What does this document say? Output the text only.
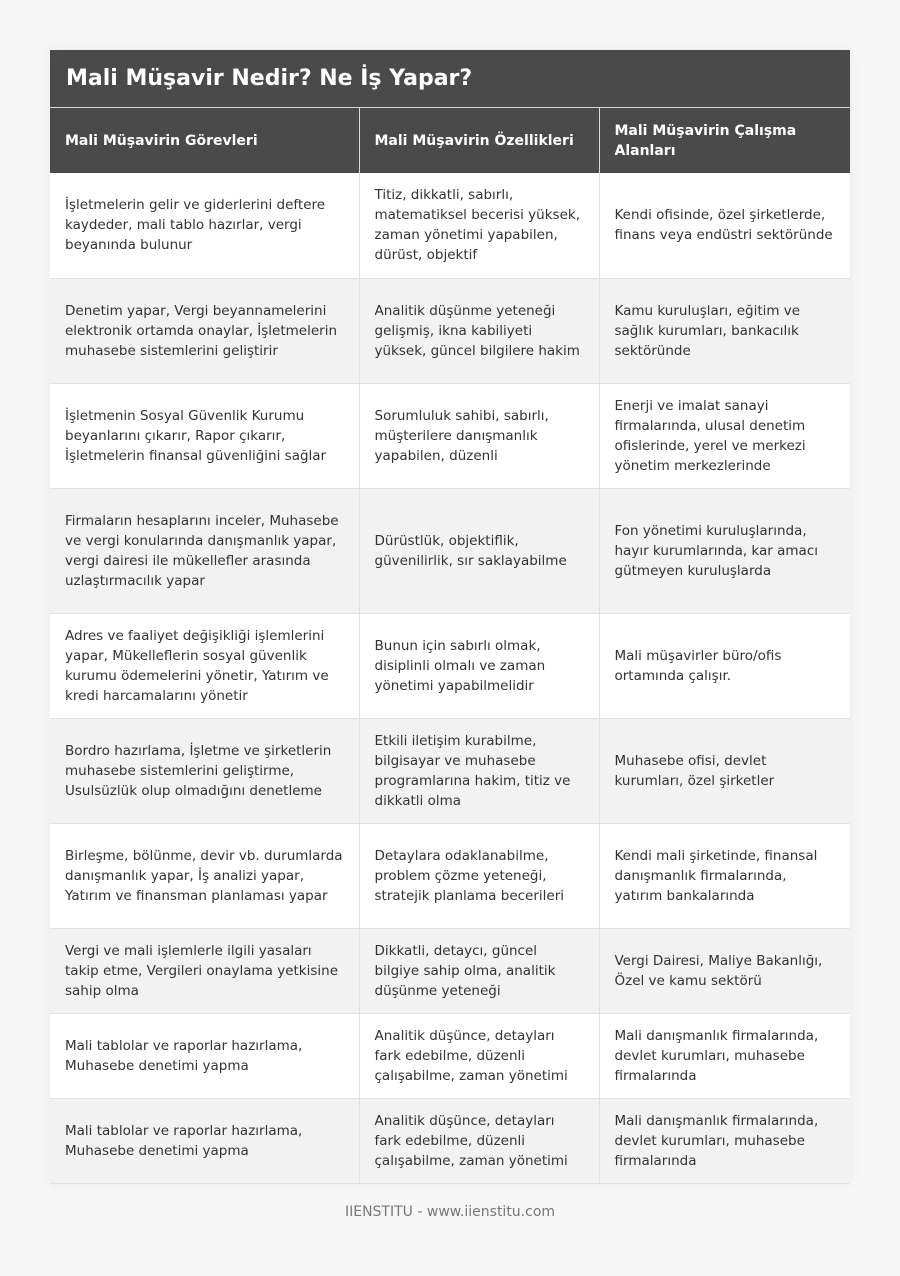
Mali Müşavir Nedir? Ne İş Yapar?
Mali Müşavirin Görevleri	Mali Müşavirin Özellikleri	Mali Müşavirin Çalışma Alanları
İşletmelerin gelir ve giderlerini deftere kaydeder, mali tablo hazırlar, vergi beyanında bulunur	Titiz, dikkatli, sabırlı, matematiksel becerisi yüksek, zaman yönetimi yapabilen, dürüst, objektif	Kendi ofisinde, özel şirketlerde, finans veya endüstri sektöründe
Denetim yapar, Vergi beyannamelerini elektronik ortamda onaylar, İşletmelerin muhasebe sistemlerini geliştirir	Analitik düşünme yeteneği gelişmiş, ikna kabiliyeti yüksek, güncel bilgilere hakim	Kamu kuruluşları, eğitim ve sağlık kurumları, bankacılık sektöründe
İşletmenin Sosyal Güvenlik Kurumu beyanlarını çıkarır, Rapor çıkarır, İşletmelerin finansal güvenliğini sağlar	Sorumluluk sahibi, sabırlı, müşterilere danışmanlık yapabilen, düzenli	Enerji ve imalat sanayi firmalarında, ulusal denetim ofislerinde, yerel ve merkezi yönetim merkezlerinde
Firmaların hesaplarını inceler, Muhasebe ve vergi konularında danışmanlık yapar, vergi dairesi ile mükellefler arasında uzlaştırmacılık yapar	Dürüstlük, objektiflik, güvenilirlik, sır saklayabilme	Fon yönetimi kuruluşlarında, hayır kurumlarında, kar amacı gütmeyen kuruluşlarda
Adres ve faaliyet değişikliği işlemlerini yapar, Mükelleflerin sosyal güvenlik kurumu ödemelerini yönetir, Yatırım ve kredi harcamalarını yönetir	Bunun için sabırlı olmak, disiplinli olmalı ve zaman yönetimi yapabilmelidir	Mali müşavirler büro/ofis ortamında çalışır.
Bordro hazırlama, İşletme ve şirketlerin muhasebe sistemlerini geliştirme, Usulsüzlük olup olmadığını denetleme	Etkili iletişim kurabilme, bilgisayar ve muhasebe programlarına hakim, titiz ve dikkatli olma	Muhasebe ofisi, devlet kurumları, özel şirketler
Birleşme, bölünme, devir vb. durumlarda danışmanlık yapar, İş analizi yapar, Yatırım ve finansman planlaması yapar	Detaylara odaklanabilme, problem çözme yeteneği, stratejik planlama becerileri	Kendi mali şirketinde, finansal danışmanlık firmalarında, yatırım bankalarında
Vergi ve mali işlemlerle ilgili yasaları takip etme, Vergileri onaylama yetkisine sahip olma	Dikkatli, detaycı, güncel bilgiye sahip olma, analitik düşünme yeteneği	Vergi Dairesi, Maliye Bakanlığı, Özel ve kamu sektörü
Mali tablolar ve raporlar hazırlama, Muhasebe denetimi yapma	Analitik düşünce, detayları fark edebilme, düzenli çalışabilme, zaman yönetimi	Mali danışmanlık firmalarında, devlet kurumları, muhasebe firmalarında
Mali tablolar ve raporlar hazırlama, Muhasebe denetimi yapma	Analitik düşünce, detayları fark edebilme, düzenli çalışabilme, zaman yönetimi	Mali danışmanlık firmalarında, devlet kurumları, muhasebe firmalarında
IIENSTITU - www.iienstitu.com
